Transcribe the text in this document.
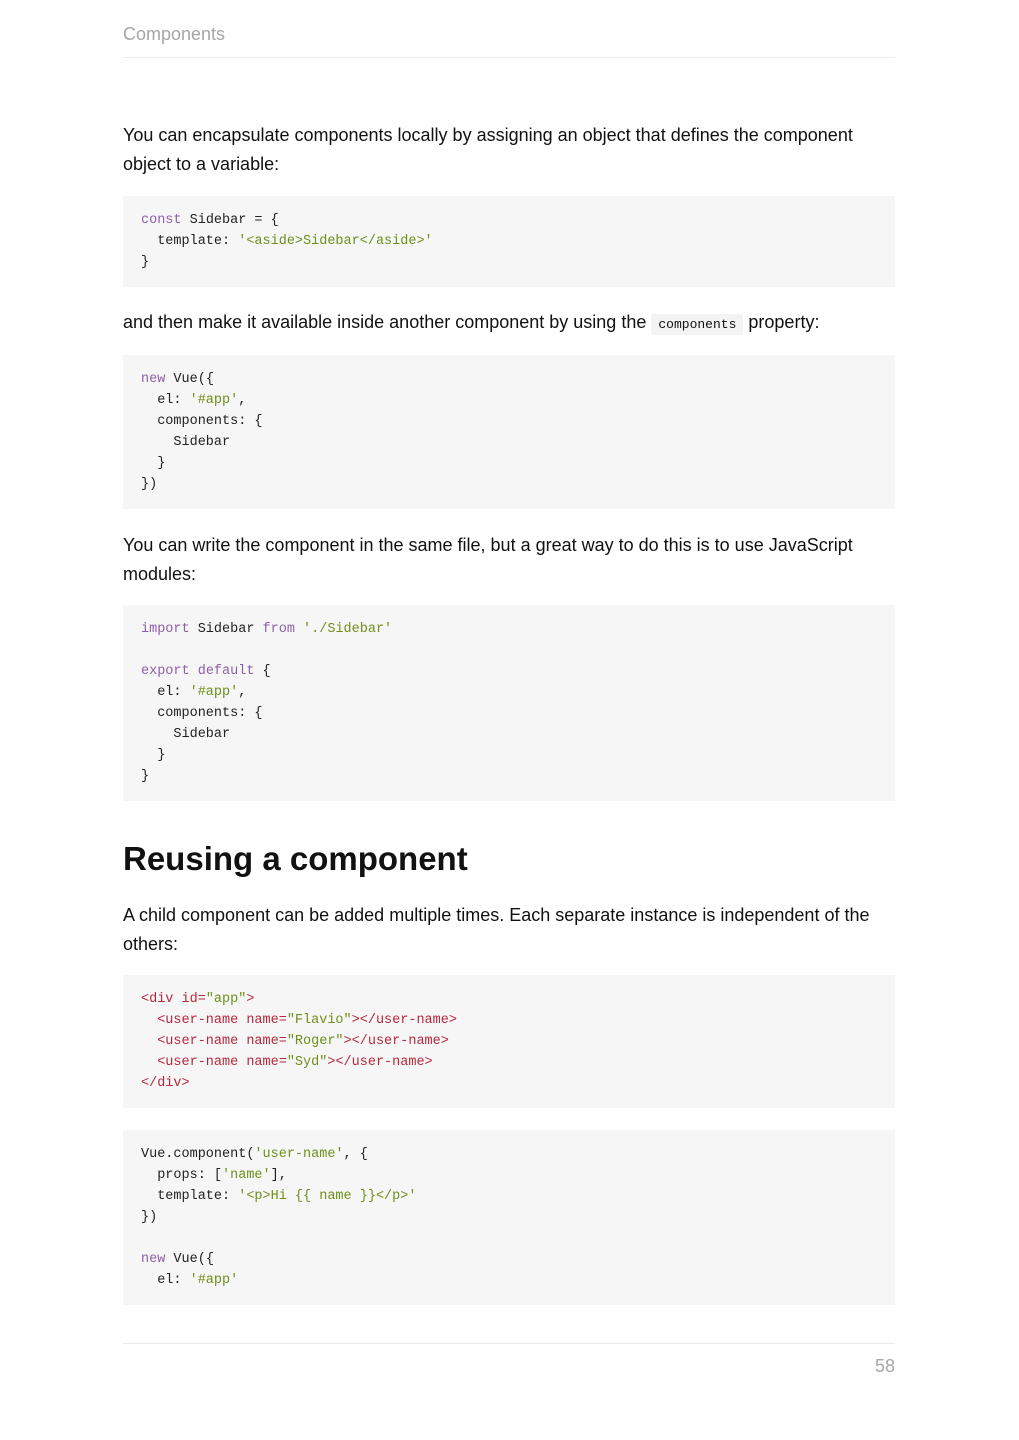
Components

You can encapsulate components locally by assigning an object that defines the component object to a variable:

const Sidebar = {
template: '<aside>Sidebar</aside>'
}

and then make it available inside another component by using the components property:

new Vue({
el: '#app',
components: {
Sidebar
}
})

You can write the component in the same file, but a great way to do this is to use JavaScript modules:

import Sidebar from './Sidebar'

export default {
el: '#app',
components: {
Sidebar
}
}
Reusing a component

A child component can be added multiple times. Each separate instance is independent of the others:

<div id="app">
<user-name name="Flavio"></user-name>
<user-name name="Roger"></user-name>
<user-name name="Syd"></user-name>
</div>
Vue.component('user-name', {
props: ['name'],
template: '<p>Hi {{ name }}</p>'
})

new Vue({
el: '#app'
58
